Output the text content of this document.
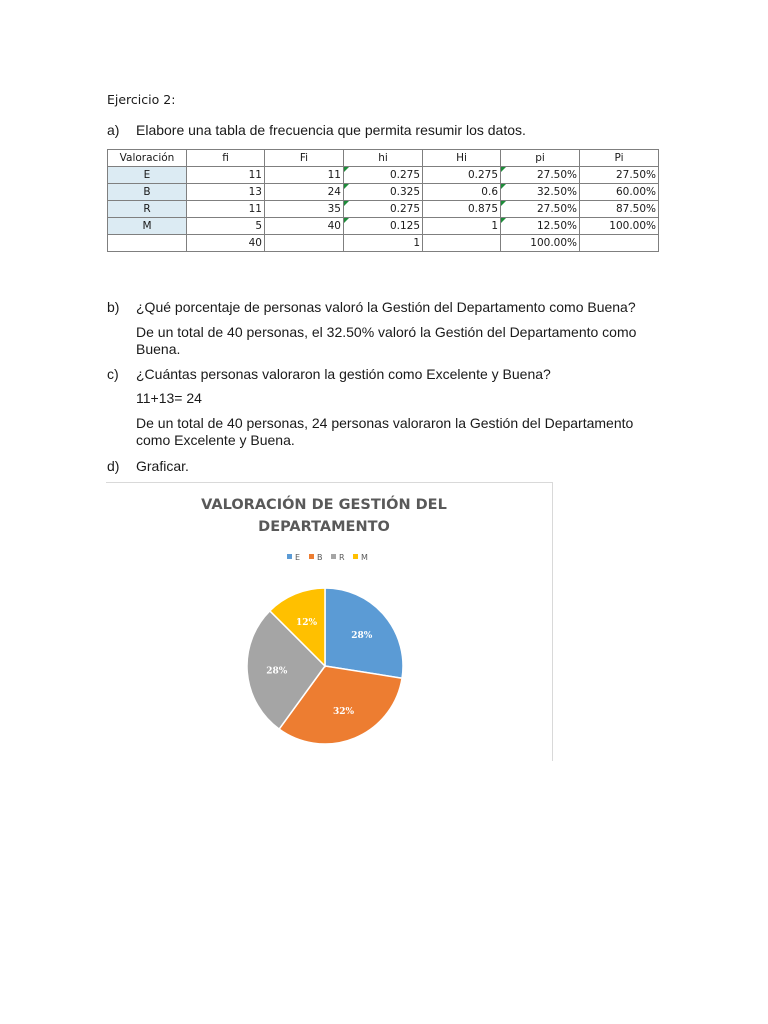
Ejercicio 2:
a) Elabore una tabla de frecuencia que permita resumir los datos.
Valoración	fi	Fi	hi	Hi	pi	Pi
E	11	11	0.275	0.275	27.50%	27.50%
B	13	24	0.325	0.6	32.50%	60.00%
R	11	35	0.275	0.875	27.50%	87.50%
M	5	40	0.125	1	12.50%	100.00%
	40		1		100.00%	
b) ¿Qué porcentaje de personas valoró la Gestión del Departamento como Buena?
De un total de 40 personas, el 32.50% valoró la Gestión del Departamento como Buena.
c) ¿Cuántas personas valoraron la gestión como Excelente y Buena?
11+13= 24
De un total de 40 personas, 24 personas valoraron la Gestión del Departamento como Excelente y Buena.
d) Graficar.
VALORACIÓN DE GESTIÓN DEL
DEPARTAMENTO
E B R M
28%
32%
28%
12%
